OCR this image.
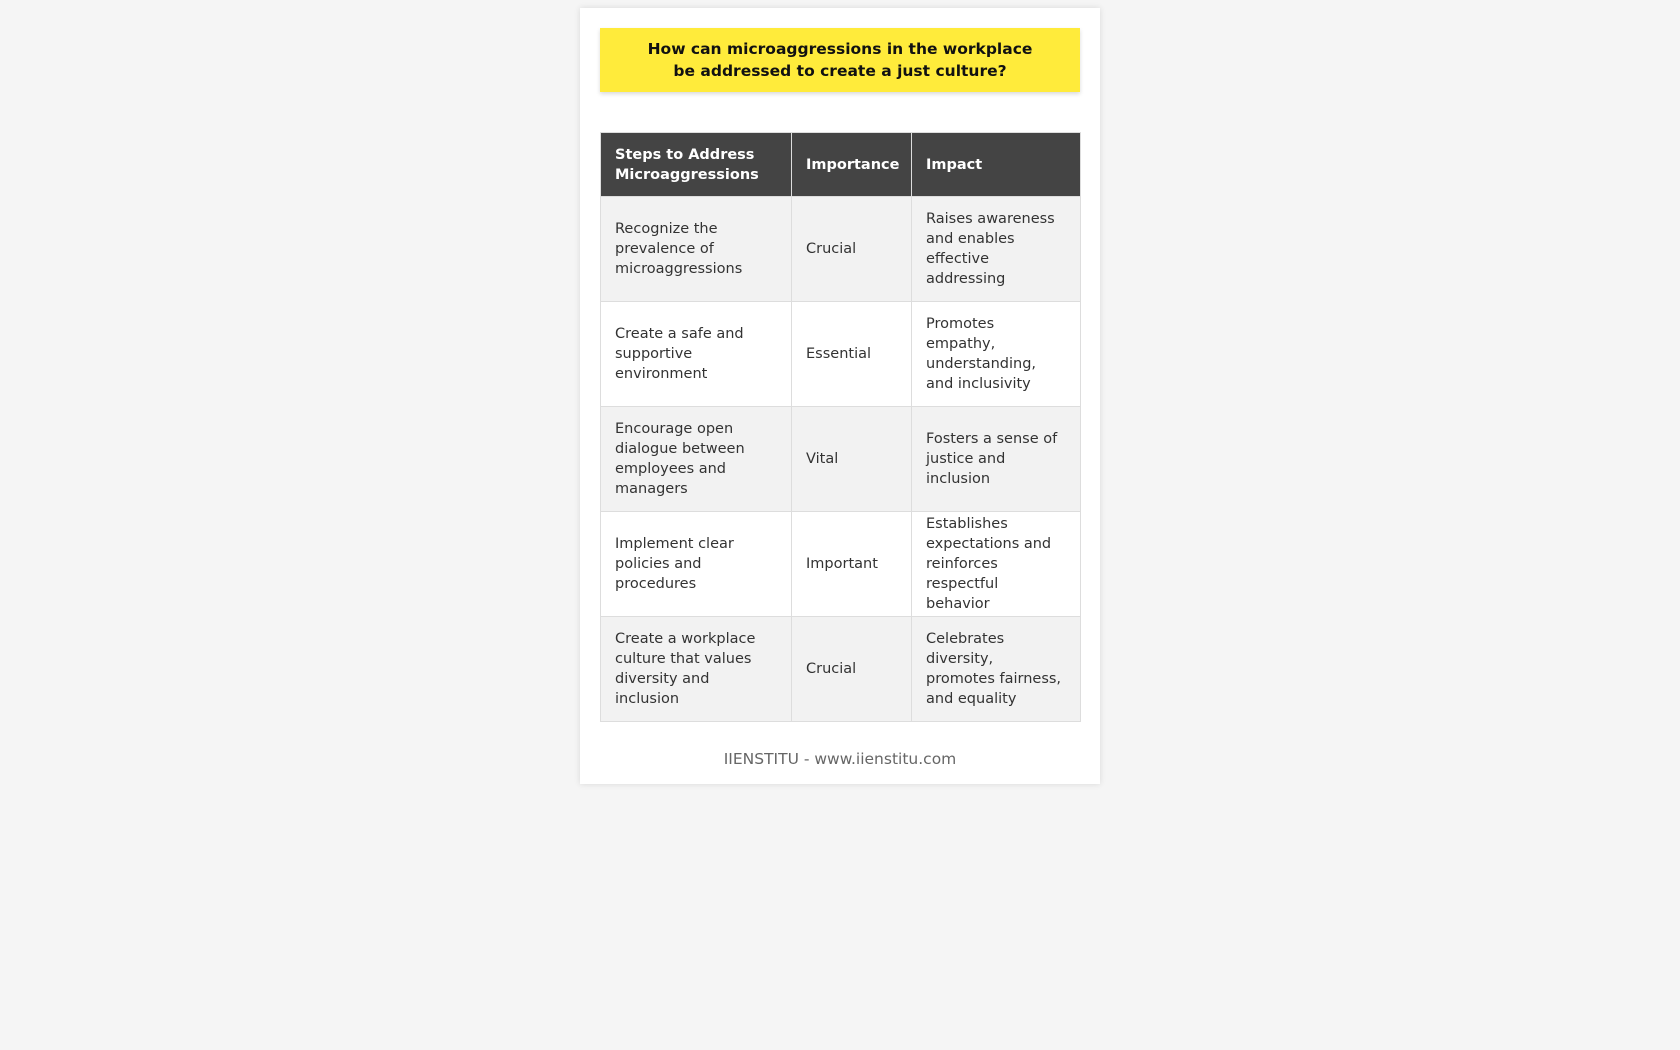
How can microaggressions in the workplace be addressed to create a just culture?
Steps to Address Microaggressions	Importance	Impact
Recognize the prevalence of microaggressions	Crucial	Raises awareness and enables effective addressing
Create a safe and supportive environment	Essential	Promotes empathy, understanding, and inclusivity
Encourage open dialogue between employees and managers	Vital	Fosters a sense of justice and inclusion
Implement clear policies and procedures	Important	Establishes expectations and reinforces respectful behavior
Create a workplace culture that values diversity and inclusion	Crucial	Celebrates diversity, promotes fairness, and equality
IIENSTITU - www.iienstitu.com
